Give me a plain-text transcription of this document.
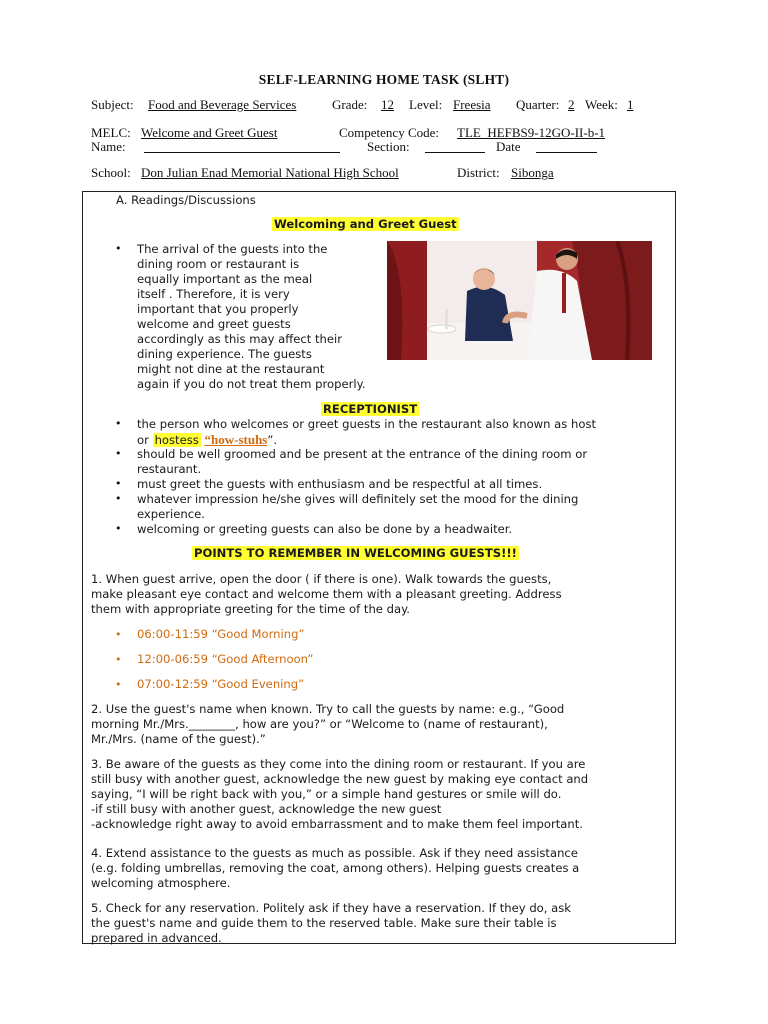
SELF-LEARNING HOME TASK (SLHT)
Subject: Food and Beverage Services	Grade: 12 Level: Freesia Quarter: 2 Week: 1
MELC: Welcome and Greet Guest	Competency Code: TLE_HEFBS9-12GO-II-b-1
Name:	Section:	Date
School: Don Julian Enad Memorial National High School	District: Sibonga
A. Readings/Discussions
Welcoming and Greet Guest
• The arrival of the guests into the
dining room or restaurant is
equally important as the meal
itself . Therefore, it is very
important that you properly
welcome and greet guests
accordingly as this may affect their
dining experience. The guests
might not dine at the restaurant
again if you do not treat them properly.
RECEPTIONIST
• the person who welcomes or greet guests in the restaurant also known as host
or hostess “how-stuhs”.
• should be well groomed and be present at the entrance of the dining room or
restaurant.
• must greet the guests with enthusiasm and be respectful at all times.
• whatever impression he/she gives will definitely set the mood for the dining
experience.
• welcoming or greeting guests can also be done by a headwaiter.
POINTS TO REMEMBER IN WELCOMING GUESTS!!!
1. When guest arrive, open the door ( if there is one). Walk towards the guests,
make pleasant eye contact and welcome them with a pleasant greeting. Address
them with appropriate greeting for the time of the day.
• 06:00-11:59 “Good Morning”
• 12:00-06:59 “Good Afternoon”
• 07:00-12:59 “Good Evening”
2. Use the guest's name when known. Try to call the guests by name: e.g., “Good
morning Mr./Mrs.________, how are you?” or “Welcome to (name of restaurant),
Mr./Mrs. (name of the guest).”
3. Be aware of the guests as they come into the dining room or restaurant. If you are
still busy with another guest, acknowledge the new guest by making eye contact and
saying, “I will be right back with you,” or a simple hand gestures or smile will do.
-if still busy with another guest, acknowledge the new guest
-acknowledge right away to avoid embarrassment and to make them feel important.
4. Extend assistance to the guests as much as possible. Ask if they need assistance
(e.g. folding umbrellas, removing the coat, among others). Helping guests creates a
welcoming atmosphere.
5. Check for any reservation. Politely ask if they have a reservation. If they do, ask
the guest's name and guide them to the reserved table. Make sure their table is
prepared in advanced.
